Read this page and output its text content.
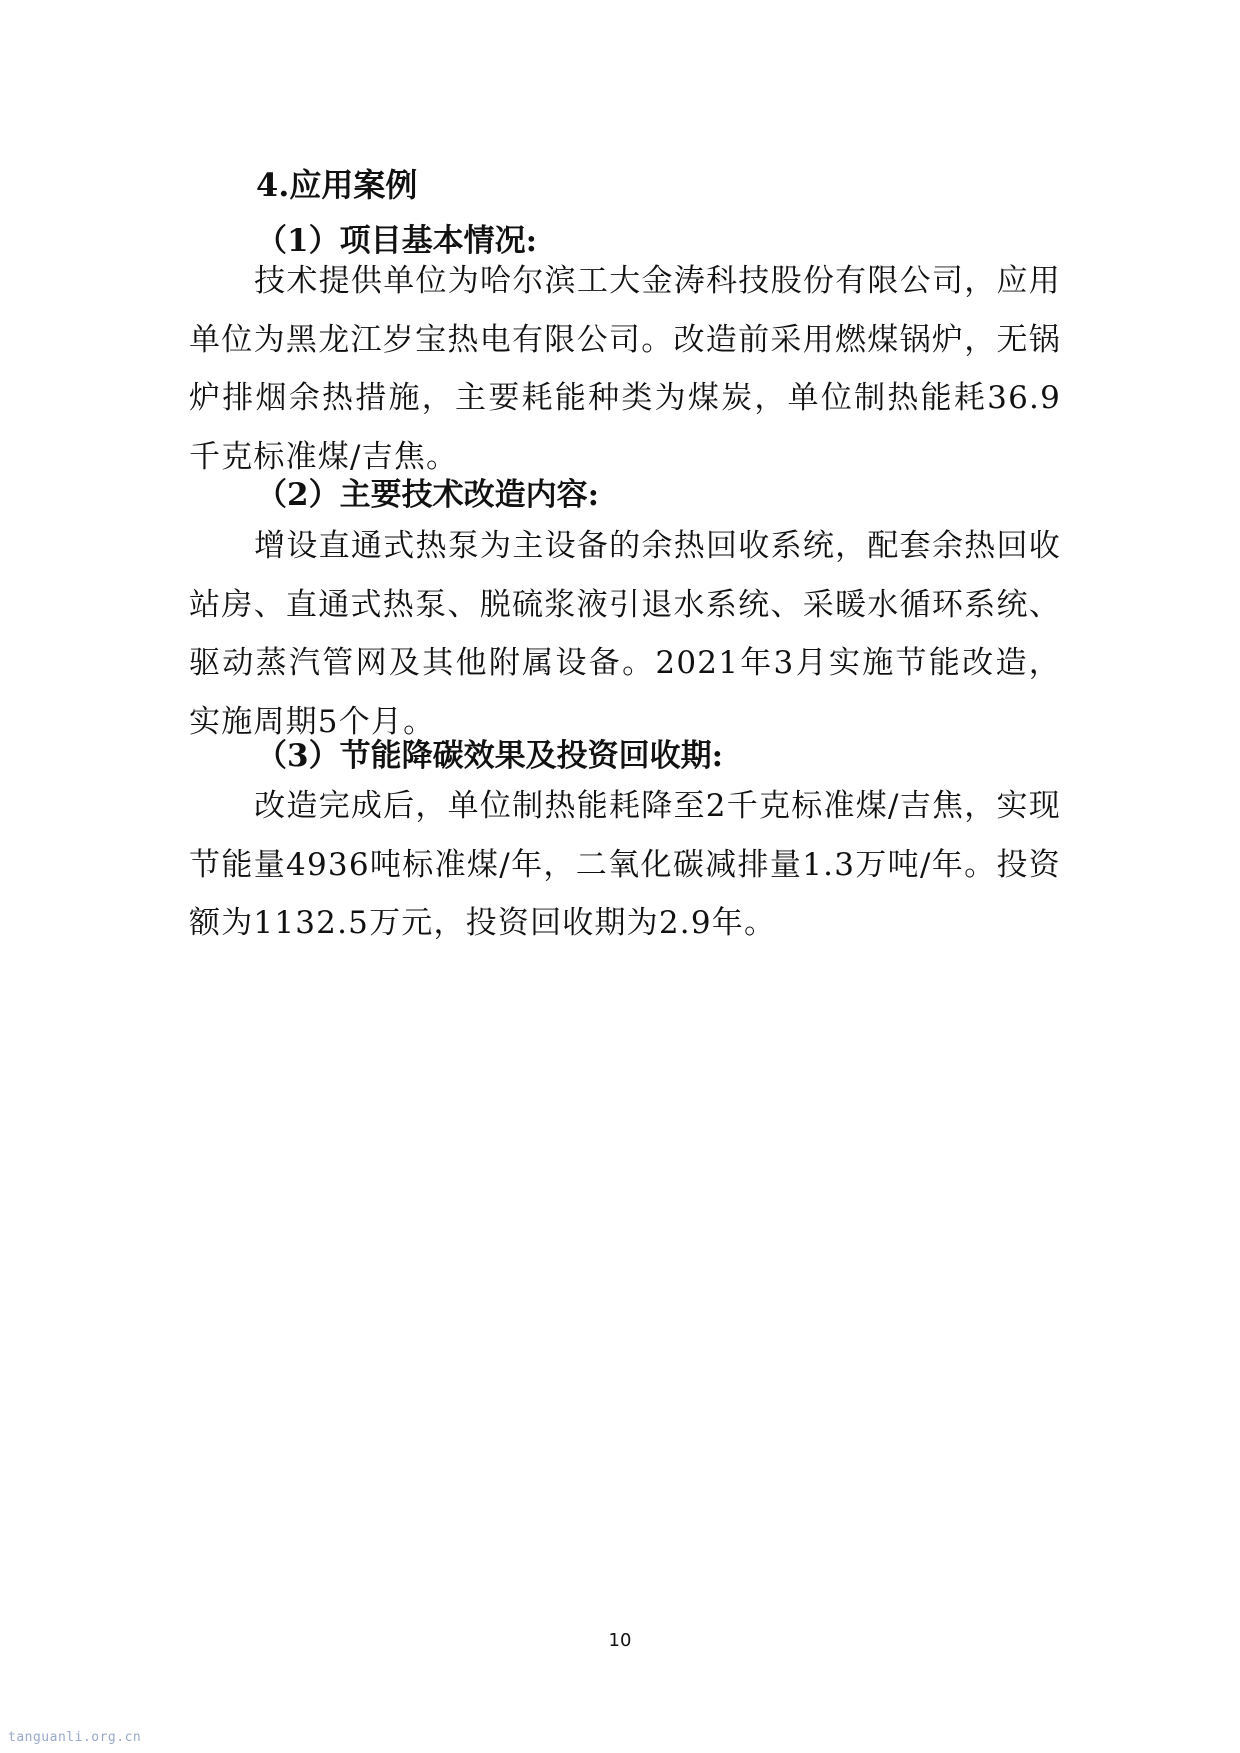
4.应用案例
（1）项目基本情况:

技术提供单位为哈尔滨工大金涛科技股份有限公司，应用单位为黑龙江岁宝热电有限公司。改造前采用燃煤锅炉，无锅炉排烟余热措施，主要耗能种类为煤炭，单位制热能耗36.9千克标准煤/吉焦。

（2）主要技术改造内容:

增设直通式热泵为主设备的余热回收系统，配套余热回收站房、直通式热泵、脱硫浆液引退水系统、采暖水循环系统、驱动蒸汽管网及其他附属设备。2021年3月实施节能改造，实施周期5个月。

（3）节能降碳效果及投资回收期:

改造完成后，单位制热能耗降至2千克标准煤/吉焦，实现节能量4936吨标准煤/年，二氧化碳减排量1.3万吨/年。投资额为1132.5万元，投资回收期为2.9年。

10
tanguanli.org.cn
